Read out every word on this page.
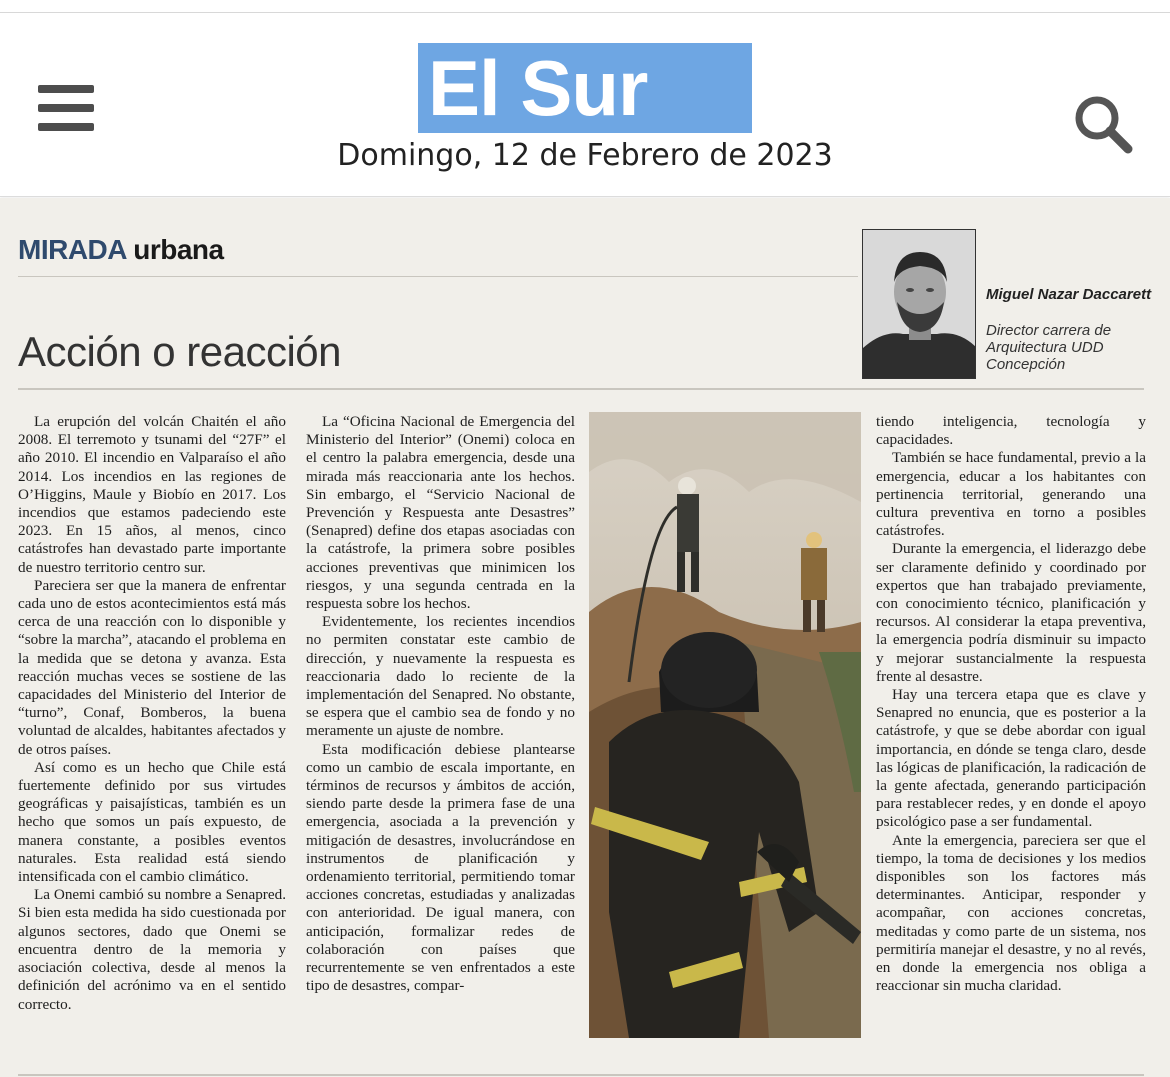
El Sur
Domingo, 12 de Febrero de 2023
MIRADA urbana
Acción o reacción
Miguel Nazar Daccarett
Director carrera de Arquitectura UDD Concepción

La erupción del volcán Chaitén el año 2008. El terremoto y tsunami del “27F” el año 2010. El incendio en Valparaíso el año 2014. Los incendios en las regiones de O’Higgins, Maule y Biobío en 2017. Los incendios que estamos padeciendo este 2023. En 15 años, al menos, cinco catástrofes han devastado parte importante de nuestro territorio centro sur.

Pareciera ser que la manera de enfrentar cada uno de estos acontecimientos está más cerca de una reacción con lo disponible y “sobre la marcha”, atacando el problema en la medida que se detona y avanza. Esta reacción muchas veces se sostiene de las capacidades del Ministerio del Interior de “turno”, Conaf, Bomberos, la buena voluntad de alcaldes, habitantes afectados y de otros países.

Así como es un hecho que Chile está fuertemente definido por sus virtudes geográficas y paisajísticas, también es un hecho que somos un país expuesto, de manera constante, a posibles eventos naturales. Esta realidad está siendo intensificada con el cambio climático.

La Onemi cambió su nombre a Senapred. Si bien esta medida ha sido cuestionada por algunos sectores, dado que Onemi se encuentra dentro de la memoria y asociación colectiva, desde al menos la definición del acrónimo va en el sentido correcto.

La “Oficina Nacional de Emergencia del Ministerio del Interior” (Onemi) coloca en el centro la palabra emergencia, desde una mirada más reaccionaria ante los hechos. Sin embargo, el “Servicio Nacional de Prevención y Respuesta ante Desastres” (Senapred) define dos etapas asociadas con la catástrofe, la primera sobre posibles acciones preventivas que minimicen los riesgos, y una segunda centrada en la respuesta sobre los hechos.

Evidentemente, los recientes incendios no permiten constatar este cambio de dirección, y nuevamente la respuesta es reaccionaria dado lo reciente de la implementación del Senapred. No obstante, se espera que el cambio sea de fondo y no meramente un ajuste de nombre.

Esta modificación debiese plantearse como un cambio de escala importante, en términos de recursos y ámbitos de acción, siendo parte desde la primera fase de una emergencia, asociada a la prevención y mitigación de desastres, involucrándose en instrumentos de planificación y ordenamiento territorial, permitiendo tomar acciones concretas, estudiadas y analizadas con anterioridad. De igual manera, con anticipación, formalizar redes de colaboración con países que recurrentemente se ven enfrentados a este tipo de desastres, compar-

tiendo inteligencia, tecnología y capacidades.

También se hace fundamental, previo a la emergencia, educar a los habitantes con pertinencia territorial, generando una cultura preventiva en torno a posibles catástrofes.

Durante la emergencia, el liderazgo debe ser claramente definido y coordinado por expertos que han trabajado previamente, con conocimiento técnico, planificación y recursos. Al considerar la etapa preventiva, la emergencia podría disminuir su impacto y mejorar sustancialmente la respuesta frente al desastre.

Hay una tercera etapa que es clave y Senapred no enuncia, que es posterior a la catástrofe, y que se debe abordar con igual importancia, en dónde se tenga claro, desde las lógicas de planificación, la radicación de la gente afectada, generando participación para restablecer redes, y en donde el apoyo psicológico pase a ser fundamental.

Ante la emergencia, pareciera ser que el tiempo, la toma de decisiones y los medios disponibles son los factores más determinantes. Anticipar, responder y acompañar, con acciones concretas, meditadas y como parte de un sistema, nos permitiría manejar el desastre, y no al revés, en donde la emergencia nos obliga a reaccionar sin mucha claridad.
